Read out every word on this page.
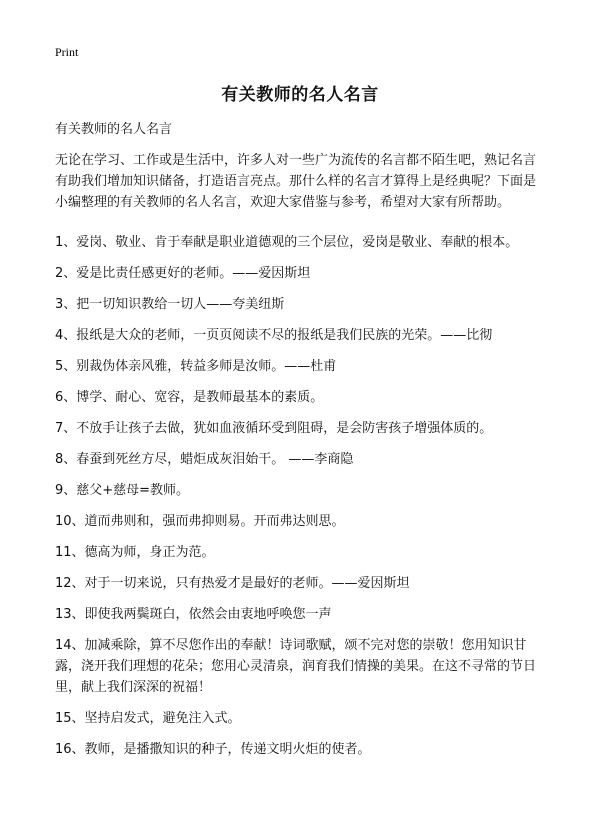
Print
有关教师的名人名言
有关教师的名人名言

无论在学习、工作或是生活中，许多人对一些广为流传的名言都不陌生吧，熟记名言有助我们增加知识储备，打造语言亮点。那什么样的名言才算得上是经典呢？下面是小编整理的有关教师的名人名言，欢迎大家借鉴与参考，希望对大家有所帮助。

1、爱岗、敬业、肯于奉献是职业道德观的三个层位，爱岗是敬业、奉献的根本。
2、爱是比责任感更好的老师。——爱因斯坦
3、把一切知识教给一切人——夸美纽斯
4、报纸是大众的老师，一页页阅读不尽的报纸是我们民族的光荣。——比彻
5、别裁伪体亲风雅，转益多师是汝师。——杜甫
6、博学、耐心、宽容，是教师最基本的素质。
7、不放手让孩子去做，犹如血液循环受到阻碍，是会防害孩子增强体质的。
8、春蚕到死丝方尽，蜡炬成灰泪始干。 ——李商隐
9、慈父+慈母=教师。
10、道而弗则和，强而弗抑则易。开而弗达则思。
11、德高为师，身正为范。
12、对于一切来说，只有热爱才是最好的老师。——爱因斯坦
13、即使我两鬓斑白，依然会由衷地呼唤您一声
14、加减乘除，算不尽您作出的奉献！诗词歌赋，颂不完对您的崇敬！您用知识甘露，浇开我们理想的花朵；您用心灵清泉，润育我们情操的美果。在这不寻常的节日里，献上我们深深的祝福！
15、坚持启发式，避免注入式。
16、教师，是播撒知识的种子，传递文明火炬的使者。
